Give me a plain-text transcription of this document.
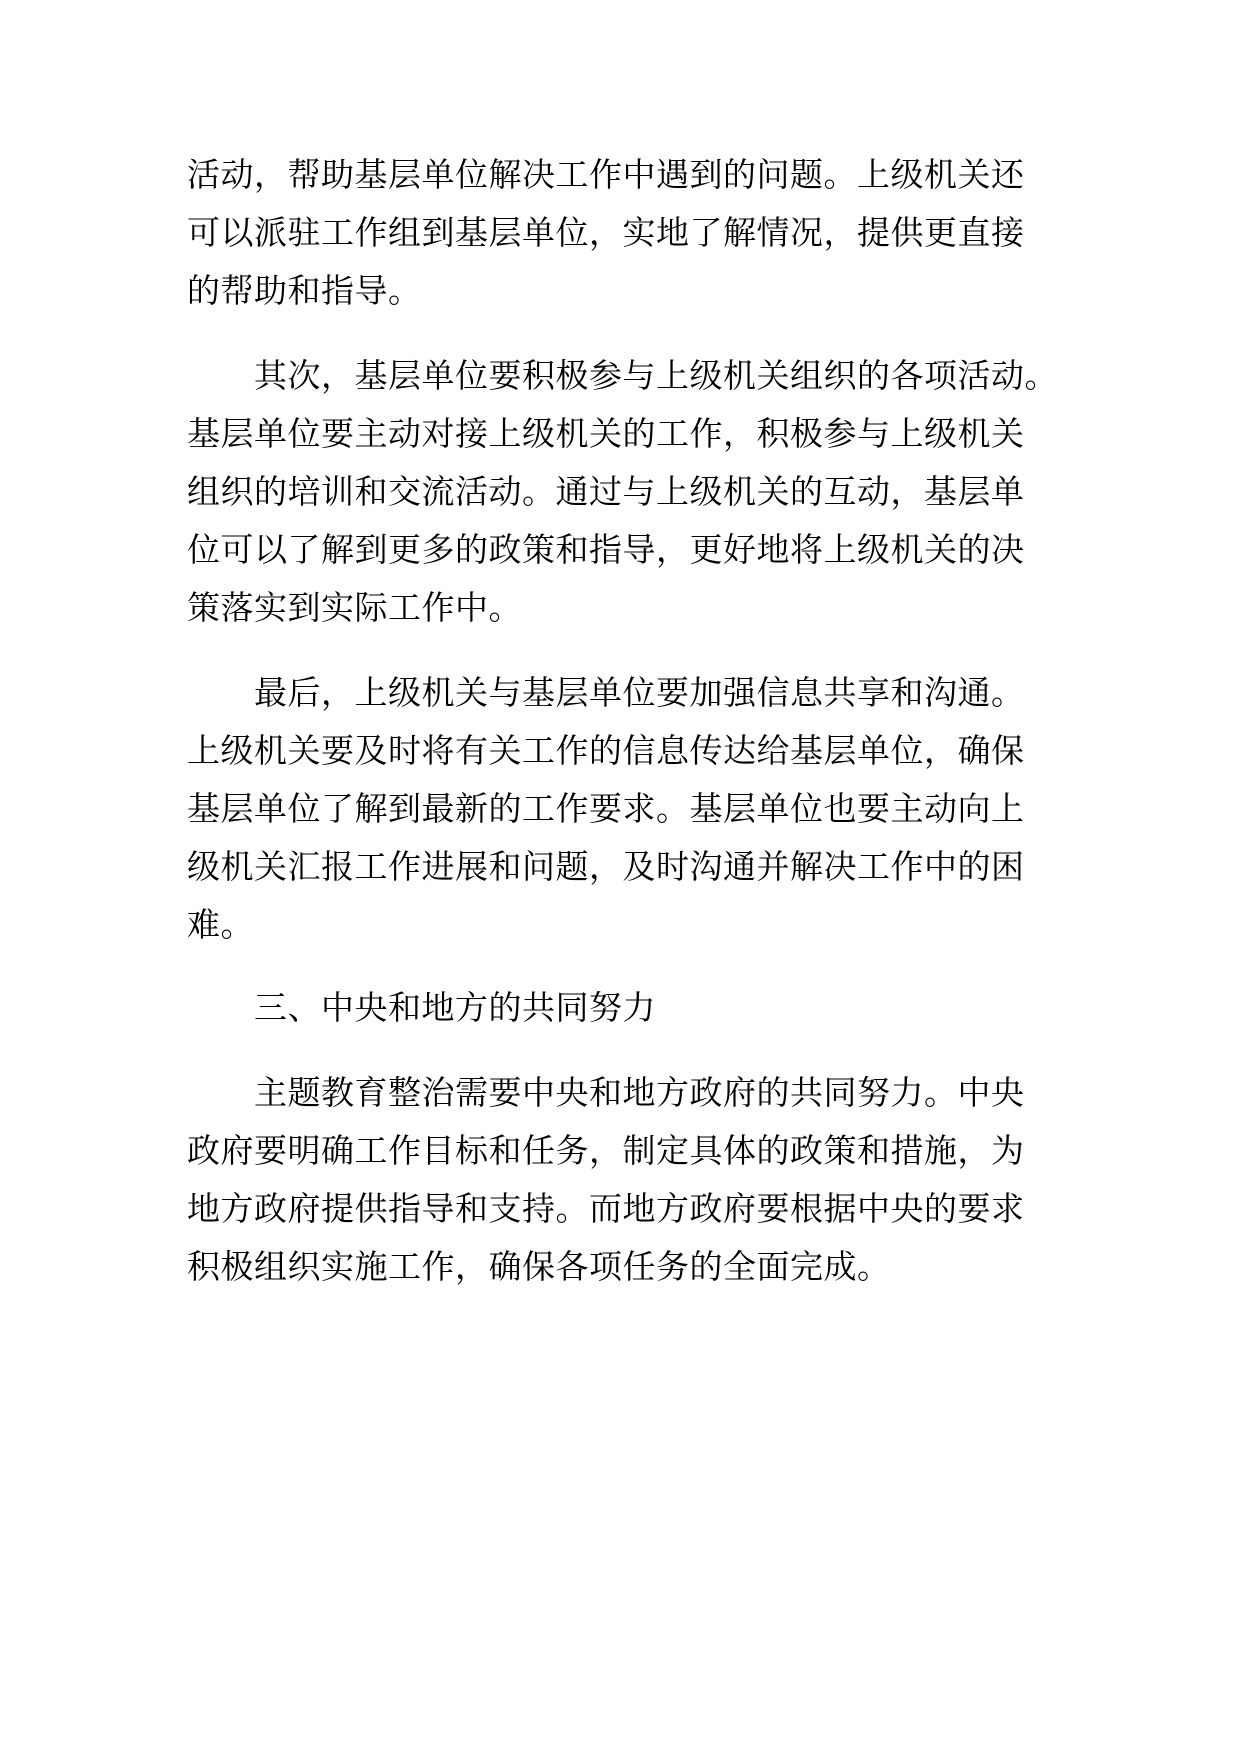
活动，帮助基层单位解决工作中遇到的问题。上级机关还
可以派驻工作组到基层单位，实地了解情况，提供更直接
的帮助和指导。
　　其次，基层单位要积极参与上级机关组织的各项活动。
基层单位要主动对接上级机关的工作，积极参与上级机关
组织的培训和交流活动。通过与上级机关的互动，基层单
位可以了解到更多的政策和指导，更好地将上级机关的决
策落实到实际工作中。
　　最后，上级机关与基层单位要加强信息共享和沟通。
上级机关要及时将有关工作的信息传达给基层单位，确保
基层单位了解到最新的工作要求。基层单位也要主动向上
级机关汇报工作进展和问题，及时沟通并解决工作中的困
难。
　　三、中央和地方的共同努力
　　主题教育整治需要中央和地方政府的共同努力。中央
政府要明确工作目标和任务，制定具体的政策和措施，为
地方政府提供指导和支持。而地方政府要根据中央的要求
积极组织实施工作，确保各项任务的全面完成。
